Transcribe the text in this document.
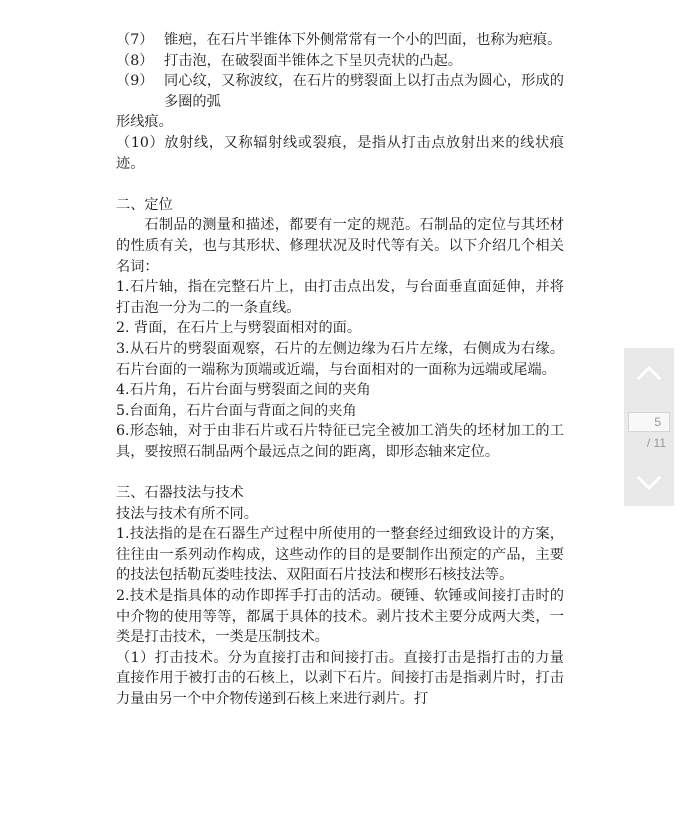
（7） 锥疤，在石片半锥体下外侧常常有一个小的凹面，也称为疤痕。
（8） 打击泡，在破裂面半锥体之下呈贝壳状的凸起。
（9） 同心纹，又称波纹，在石片的劈裂面上以打击点为圆心，形成的多圈的弧
形线痕。
（10）放射线，又称辐射线或裂痕，是指从打击点放射出来的线状痕迹。
二、定位
石制品的测量和描述，都要有一定的规范。石制品的定位与其坯材的性质有关，也与其形状、修理状况及时代等有关。以下介绍几个相关名词：
1.石片轴，指在完整石片上，由打击点出发，与台面垂直面延伸，并将打击泡一分为二的一条直线。
2. 背面，在石片上与劈裂面相对的面。
3.从石片的劈裂面观察，石片的左侧边缘为石片左缘，右侧成为右缘。石片台面的一端称为顶端或近端，与台面相对的一面称为远端或尾端。
4.石片角，石片台面与劈裂面之间的夹角
5.台面角，石片台面与背面之间的夹角
6.形态轴，对于由非石片或石片特征已完全被加工消失的坯材加工的工具，要按照石制品两个最远点之间的距离，即形态轴来定位。
三、石器技法与技术
技法与技术有所不同。
1.技法指的是在石器生产过程中所使用的一整套经过细致设计的方案，往往由一系列动作构成，这些动作的目的是要制作出预定的产品，主要的技法包括勒瓦娄哇技法、双阳面石片技法和楔形石核技法等。
2.技术是指具体的动作即挥手打击的活动。硬锤、软锤或间接打击时的中介物的使用等等，都属于具体的技术。剥片技术主要分成两大类，一类是打击技术，一类是压制技术。
（1）打击技术。分为直接打击和间接打击。直接打击是指打击的力量直接作用于被打击的石核上，以剥下石片。间接打击是指剥片时，打击力量由另一个中介物传递到石核上来进行剥片。打
5
/ 11
